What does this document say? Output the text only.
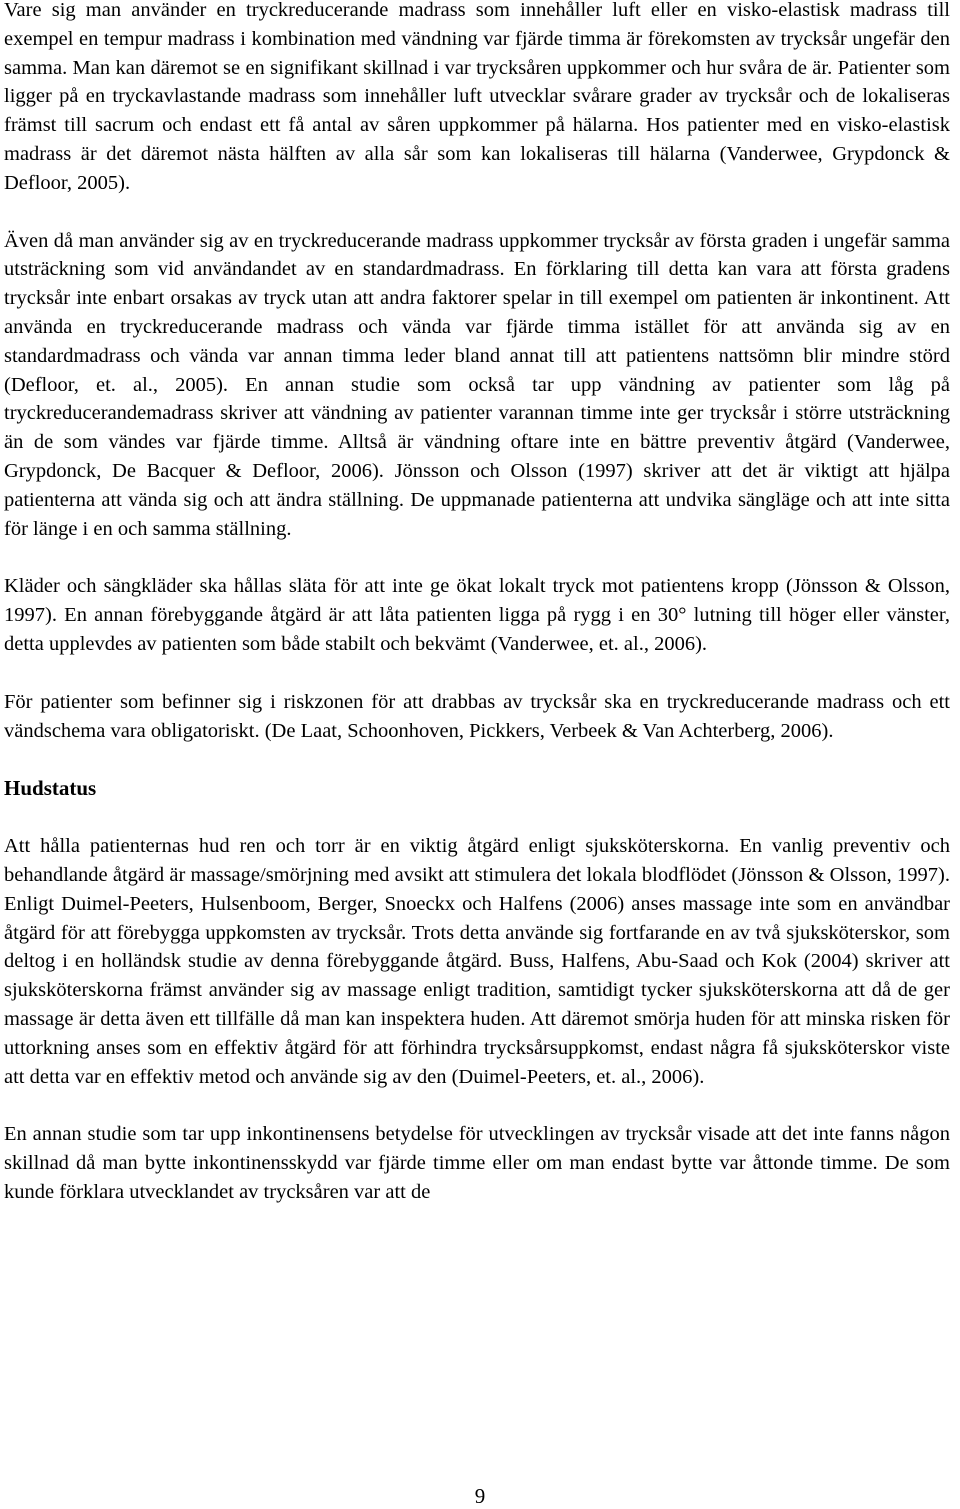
Vare sig man använder en tryckreducerande madrass som innehåller luft eller en visko-elastisk madrass till exempel en tempur madrass i kombination med vändning var fjärde timma är förekomsten av trycksår ungefär den samma. Man kan däremot se en signifikant skillnad i var trycksåren uppkommer och hur svåra de är. Patienter som ligger på en tryckavlastande madrass som innehåller luft utvecklar svårare grader av trycksår och de lokaliseras främst till sacrum och endast ett få antal av såren uppkommer på hälarna. Hos patienter med en visko-elastisk madrass är det däremot nästa hälften av alla sår som kan lokaliseras till hälarna (Vanderwee, Grypdonck & Defloor, 2005).

Även då man använder sig av en tryckreducerande madrass uppkommer trycksår av första graden i ungefär samma utsträckning som vid användandet av en standardmadrass. En förklaring till detta kan vara att första gradens trycksår inte enbart orsakas av tryck utan att andra faktorer spelar in till exempel om patienten är inkontinent. Att använda en tryckreducerande madrass och vända var fjärde timma istället för att använda sig av en standardmadrass och vända var annan timma leder bland annat till att patientens nattsömn blir mindre störd (Defloor, et. al., 2005). En annan studie som också tar upp vändning av patienter som låg på tryckreducerandemadrass skriver att vändning av patienter varannan timme inte ger trycksår i större utsträckning än de som vändes var fjärde timme. Alltså är vändning oftare inte en bättre preventiv åtgärd (Vanderwee, Grypdonck, De Bacquer & Defloor, 2006). Jönsson och Olsson (1997) skriver att det är viktigt att hjälpa patienterna att vända sig och att ändra ställning. De uppmanade patienterna att undvika sängläge och att inte sitta för länge i en och samma ställning.

Kläder och sängkläder ska hållas släta för att inte ge ökat lokalt tryck mot patientens kropp (Jönsson & Olsson, 1997). En annan förebyggande åtgärd är att låta patienten ligga på rygg i en 30° lutning till höger eller vänster, detta upplevdes av patienten som både stabilt och bekvämt (Vanderwee, et. al., 2006).

För patienter som befinner sig i riskzonen för att drabbas av trycksår ska en tryckreducerande madrass och ett vändschema vara obligatoriskt. (De Laat, Schoonhoven, Pickkers, Verbeek & Van Achterberg, 2006).

Hudstatus

Att hålla patienternas hud ren och torr är en viktig åtgärd enligt sjuksköterskorna. En vanlig preventiv och behandlande åtgärd är massage/smörjning med avsikt att stimulera det lokala blodflödet (Jönsson & Olsson, 1997). Enligt Duimel-Peeters, Hulsenboom, Berger, Snoeckx och Halfens (2006) anses massage inte som en användbar åtgärd för att förebygga uppkomsten av trycksår. Trots detta använde sig fortfarande en av två sjuksköterskor, som deltog i en holländsk studie av denna förebyggande åtgärd. Buss, Halfens, Abu-Saad och Kok (2004) skriver att sjuksköterskorna främst använder sig av massage enligt tradition, samtidigt tycker sjuksköterskorna att då de ger massage är detta även ett tillfälle då man kan inspektera huden. Att däremot smörja huden för att minska risken för uttorkning anses som en effektiv åtgärd för att förhindra trycksårsuppkomst, endast några få sjuksköterskor viste att detta var en effektiv metod och använde sig av den (Duimel-Peeters, et. al., 2006).

En annan studie som tar upp inkontinensens betydelse för utvecklingen av trycksår visade att det inte fanns någon skillnad då man bytte inkontinensskydd var fjärde timme eller om man endast bytte var åttonde timme. De som kunde förklara utvecklandet av trycksåren var att de

9
